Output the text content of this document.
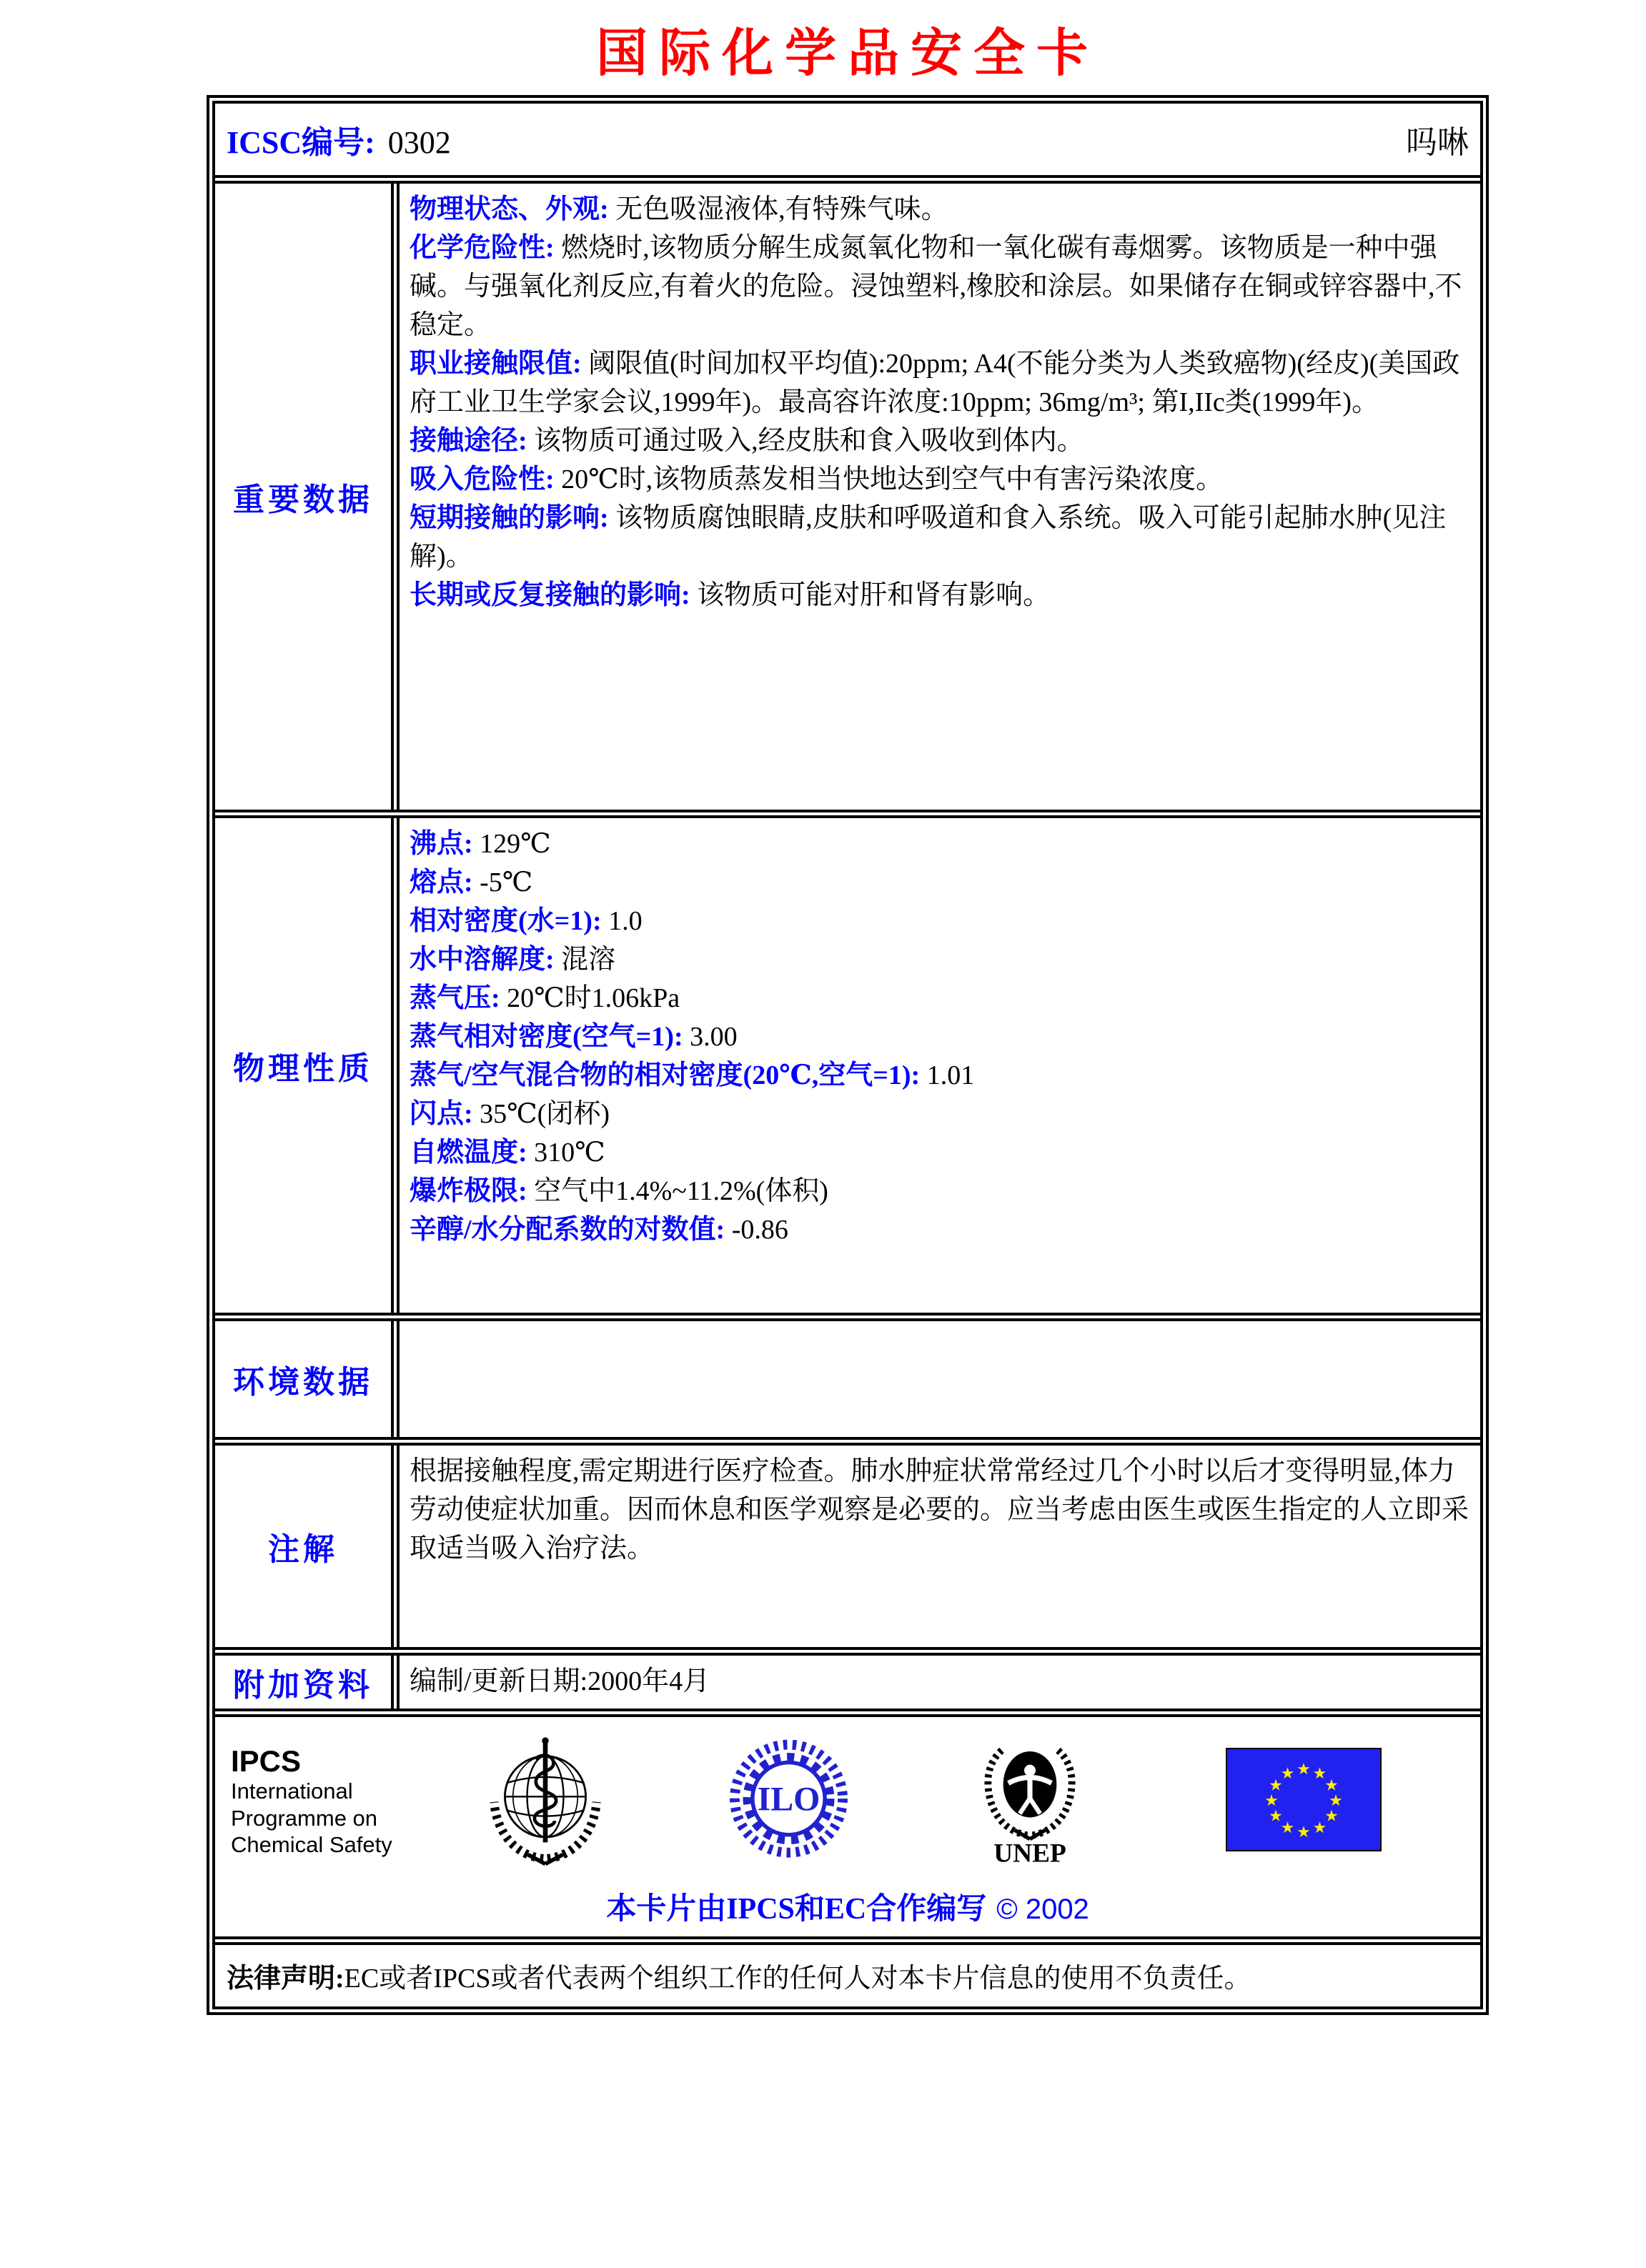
国际化学品安全卡
ICSC编号: 0302	吗啉
重要数据
物理状态、外观: 无色吸湿液体,有特殊气味。
化学危险性: 燃烧时,该物质分解生成氮氧化物和一氧化碳有毒烟雾。该物质是一种中强碱。与强氧化剂反应,有着火的危险。浸蚀塑料,橡胶和涂层。如果储存在铜或锌容器中,不稳定。
职业接触限值: 阈限值(时间加权平均值):20ppm; A4(不能分类为人类致癌物)(经皮)(美国政府工业卫生学家会议,1999年)。最高容许浓度:10ppm; 36mg/m³; 第I,IIc类(1999年)。
接触途径: 该物质可通过吸入,经皮肤和食入吸收到体内。
吸入危险性: 20℃时,该物质蒸发相当快地达到空气中有害污染浓度。
短期接触的影响: 该物质腐蚀眼睛,皮肤和呼吸道和食入系统。吸入可能引起肺水肿(见注解)。
长期或反复接触的影响: 该物质可能对肝和肾有影响。
物理性质
沸点: 129℃
熔点: -5℃
相对密度(水=1): 1.0
水中溶解度: 混溶
蒸气压: 20℃时1.06kPa
蒸气相对密度(空气=1): 3.00
蒸气/空气混合物的相对密度(20℃,空气=1): 1.01
闪点: 35℃(闭杯)
自燃温度: 310℃
爆炸极限: 空气中1.4%~11.2%(体积)
辛醇/水分配系数的对数值: -0.86
环境数据
注解
根据接触程度,需定期进行医疗检查。肺水肿症状常常经过几个小时以后才变得明显,体力劳动使症状加重。因而休息和医学观察是必要的。应当考虑由医生或医生指定的人立即采取适当吸入治疗法。
附加资料	编制/更新日期:2000年4月
IPCS
International
Programme on
Chemical Safety
ILO
UNEP
★ ★
★
★
★
★
★
★
★
★
★
★
本卡片由IPCS和EC合作编写 © 2002
法律声明:EC或者IPCS或者代表两个组织工作的任何人对本卡片信息的使用不负责任。
